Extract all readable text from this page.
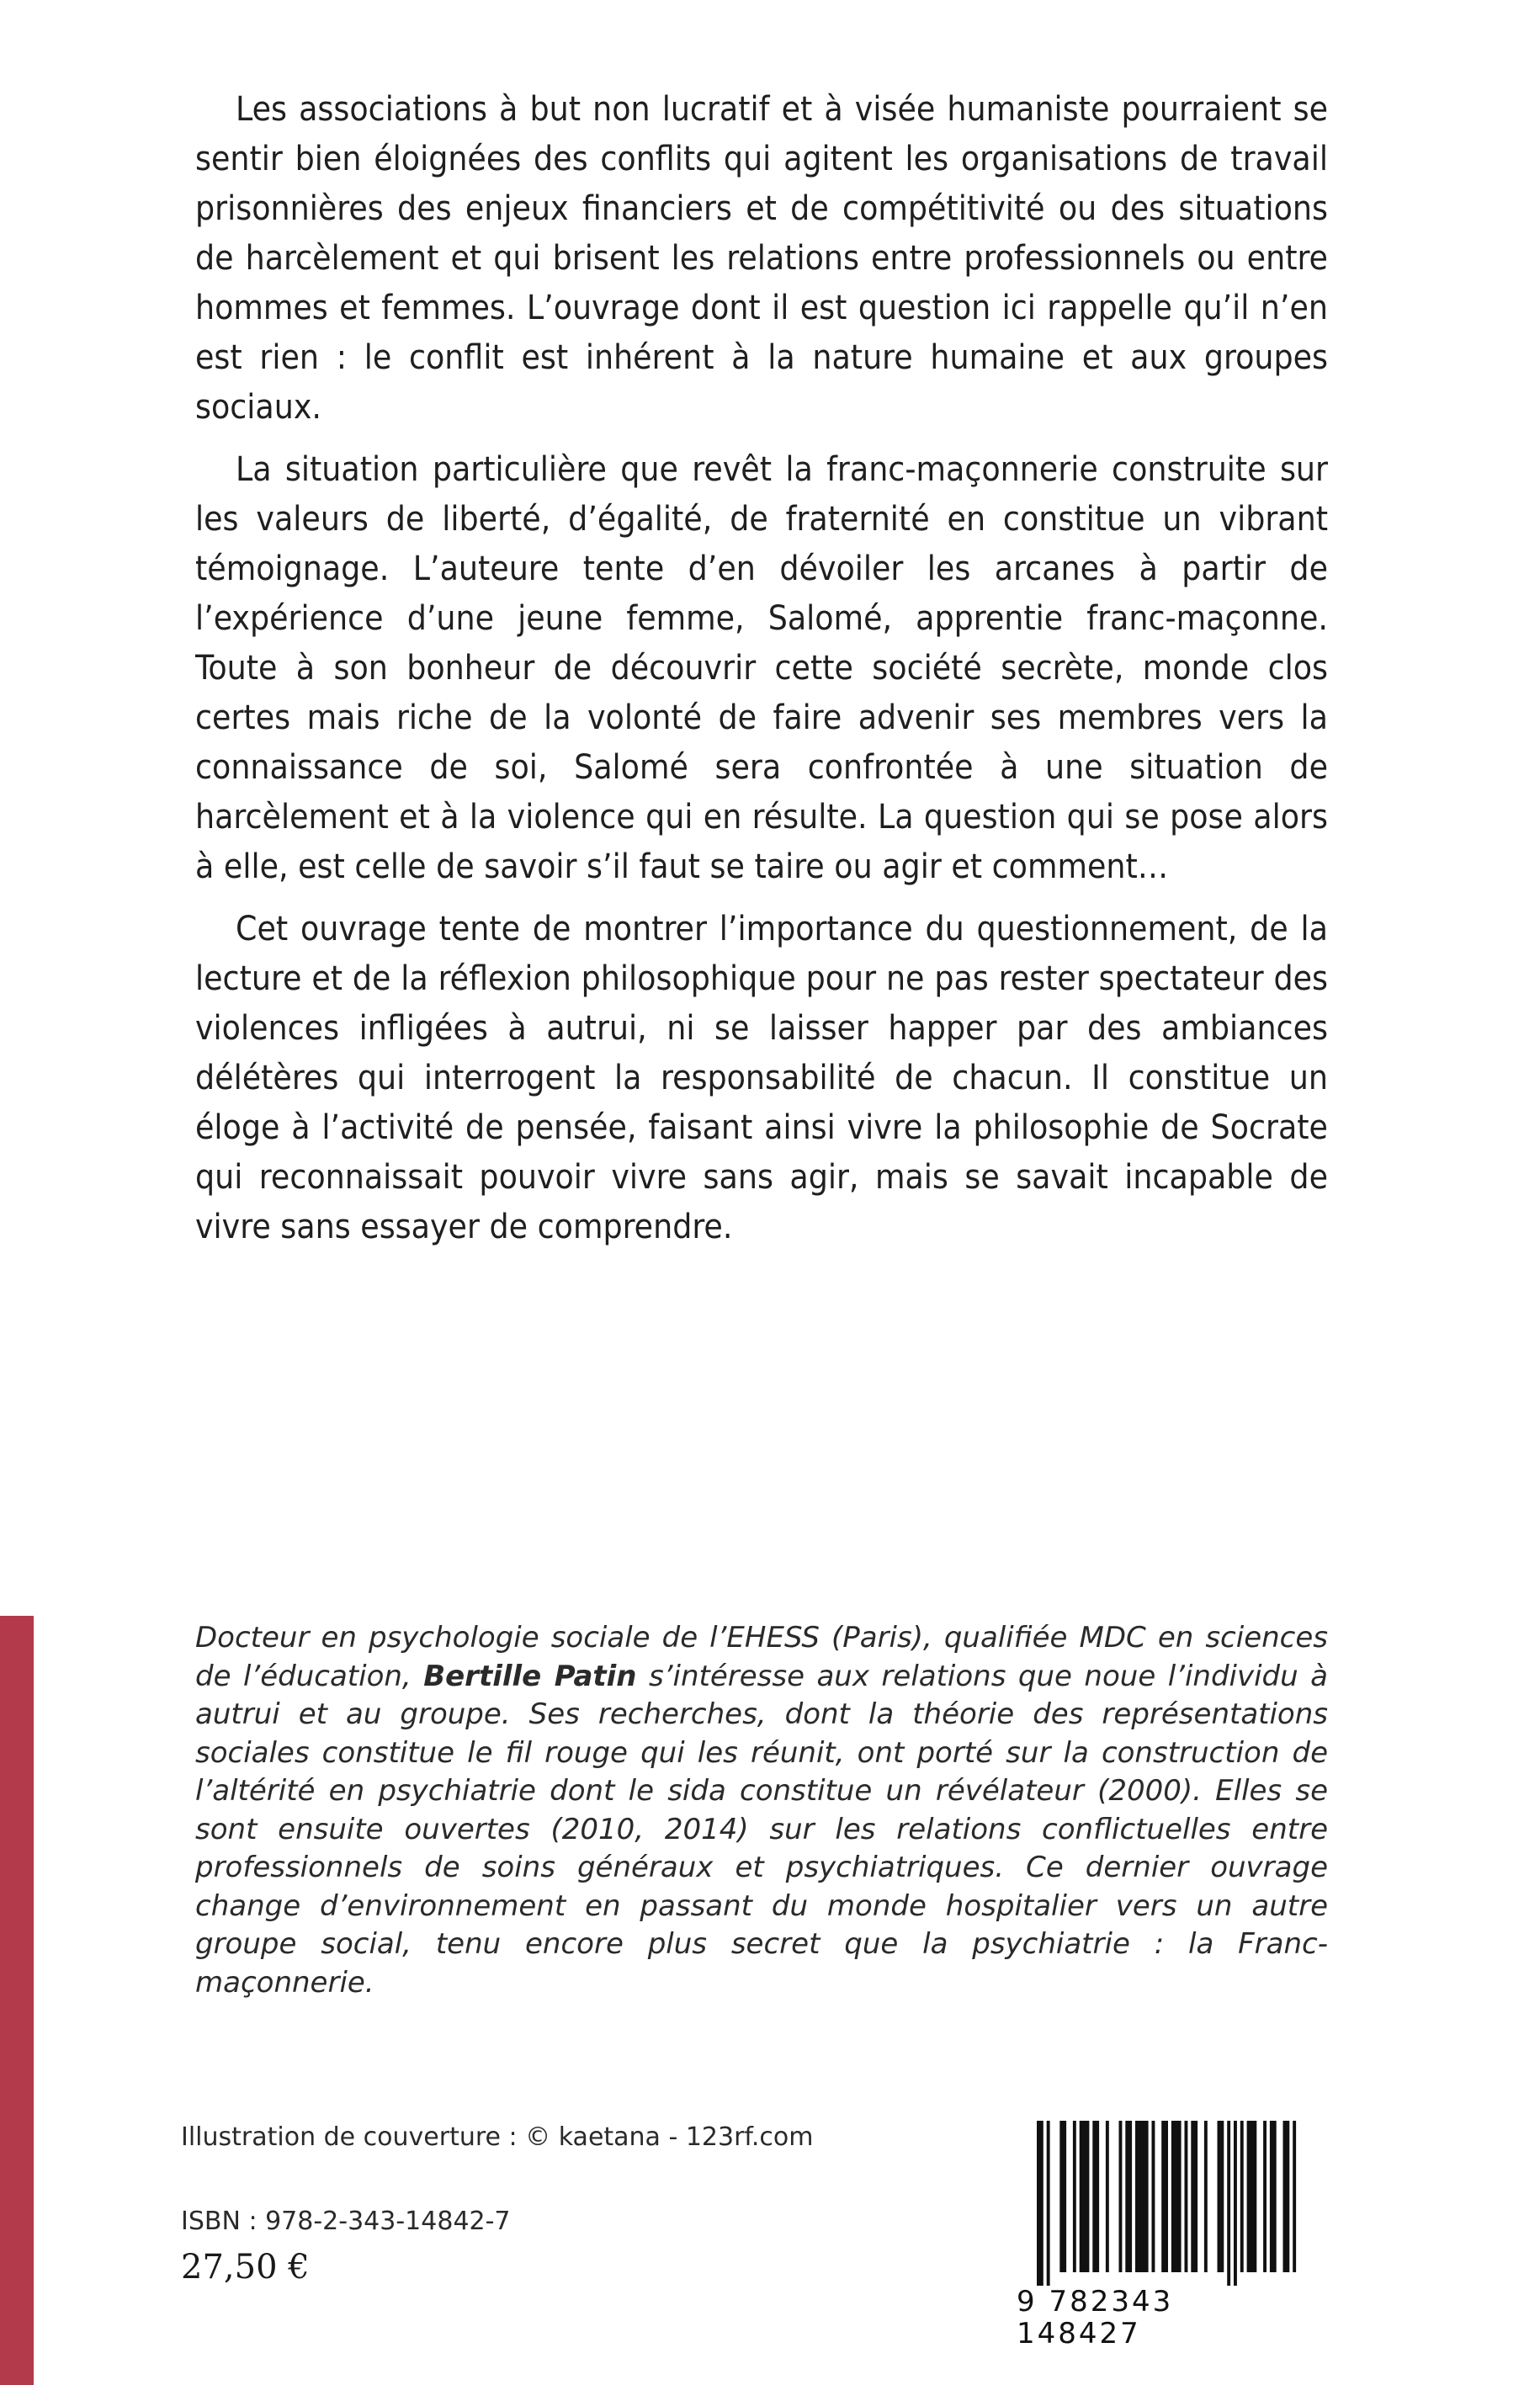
Les associations à but non lucratif et à visée humaniste pourraient se sentir bien éloignées des conflits qui agitent les organisations de travail prisonnières des enjeux financiers et de compétitivité ou des situations de harcèlement et qui brisent les relations entre professionnels ou entre hommes et femmes. L’ouvrage dont il est question ici rappelle qu’il n’en est rien : le conflit est inhérent à la nature humaine et aux groupes sociaux.

La situation particulière que revêt la franc-maçonnerie construite sur les valeurs de liberté, d’égalité, de fraternité en constitue un vibrant témoignage. L’auteure tente d’en dévoiler les arcanes à partir de l’expérience d’une jeune femme, Salomé, apprentie franc-maçonne. Toute à son bonheur de découvrir cette société secrète, monde clos certes mais riche de la volonté de faire advenir ses membres vers la connaissance de soi, Salomé sera confrontée à une situation de harcèlement et à la violence qui en résulte. La question qui se pose alors à elle, est celle de savoir s’il faut se taire ou agir et comment…

Cet ouvrage tente de montrer l’importance du questionnement, de la lecture et de la réflexion philosophique pour ne pas rester spectateur des violences infligées à autrui, ni se laisser happer par des ambiances délétères qui interrogent la responsabilité de chacun. Il constitue un éloge à l’activité de pensée, faisant ainsi vivre la philosophie de Socrate qui reconnaissait pouvoir vivre sans agir, mais se savait incapable de vivre sans essayer de comprendre.

Docteur en psychologie sociale de l’EHESS (Paris), qualifiée MDC en sciences de l’éducation, Bertille Patin s’intéresse aux relations que noue l’individu à autrui et au groupe. Ses recherches, dont la théorie des représentations sociales constitue le fil rouge qui les réunit, ont porté sur la construction de l’altérité en psychiatrie dont le sida constitue un révélateur (2000). Elles se sont ensuite ouvertes (2010, 2014) sur les relations conflictuelles entre professionnels de soins généraux et psychiatriques. Ce dernier ouvrage change d’environnement en passant du monde hospitalier vers un autre groupe social, tenu encore plus secret que la psychiatrie : la Franc-maçonnerie.
Illustration de couverture : © kaetana - 123rf.com
ISBN : 978-2-343-14842-7
27,50 €
9 782343 148427
